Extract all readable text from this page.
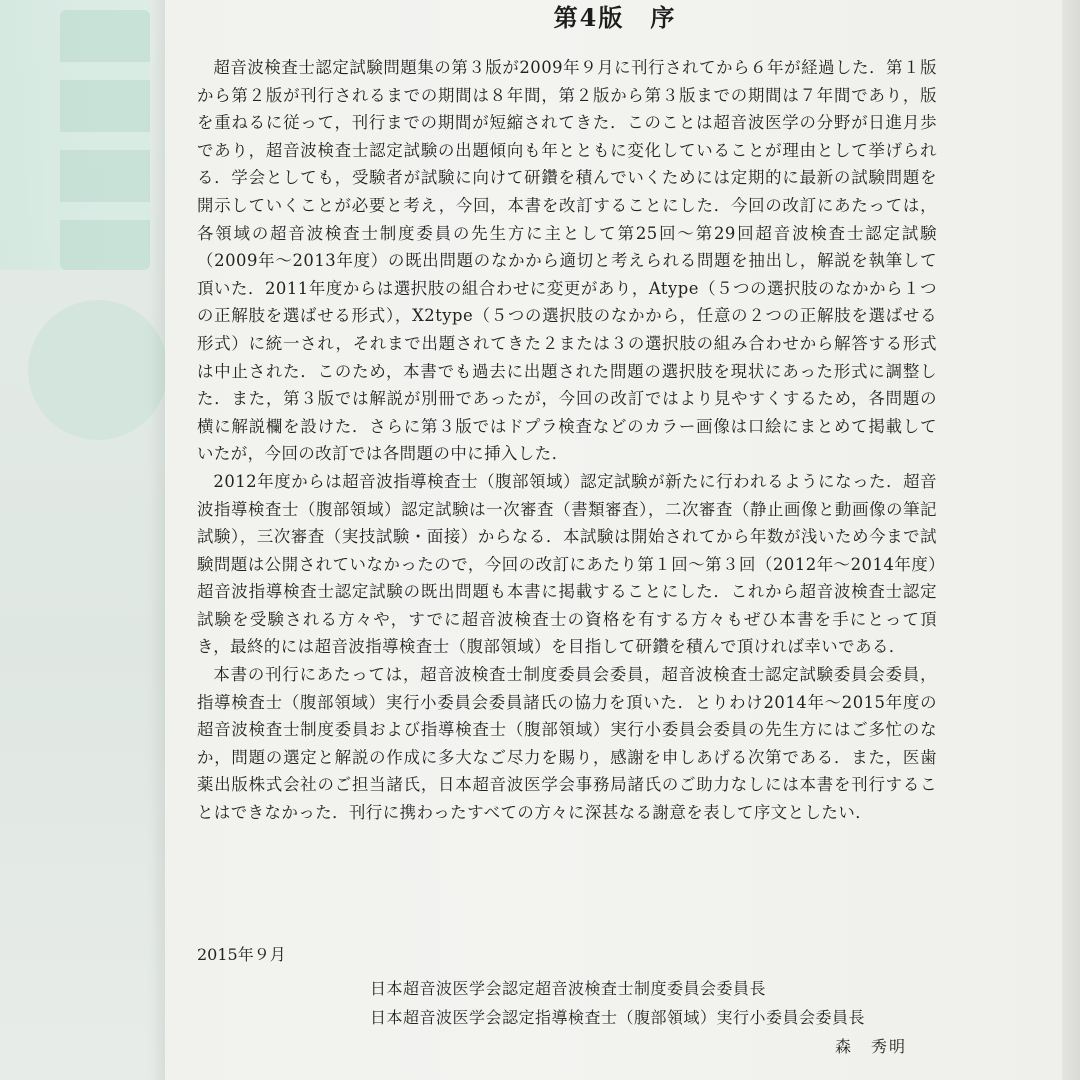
第4版　序

超音波検査士認定試験問題集の第３版が2009年９月に刊行されてから６年が経過した．第１版から第２版が刊行されるまでの期間は８年間，第２版から第３版までの期間は７年間であり，版を重ねるに従って，刊行までの期間が短縮されてきた．このことは超音波医学の分野が日進月歩であり，超音波検査士認定試験の出題傾向も年とともに変化していることが理由として挙げられる．学会としても，受験者が試験に向けて研鑽を積んでいくためには定期的に最新の試験問題を開示していくことが必要と考え，今回，本書を改訂することにした．今回の改訂にあたっては，各領域の超音波検査士制度委員の先生方に主として第25回～第29回超音波検査士認定試験（2009年～2013年度）の既出問題のなかから適切と考えられる問題を抽出し，解説を執筆して頂いた．2011年度からは選択肢の組合わせに変更があり，Atype（５つの選択肢のなかから１つの正解肢を選ばせる形式），X2type（５つの選択肢のなかから，任意の２つの正解肢を選ばせる形式）に統一され，それまで出題されてきた２または３の選択肢の組み合わせから解答する形式は中止された．このため，本書でも過去に出題された問題の選択肢を現状にあった形式に調整した．また，第３版では解説が別冊であったが，今回の改訂ではより見やすくするため，各問題の横に解説欄を設けた．さらに第３版ではドプラ検査などのカラー画像は口絵にまとめて掲載していたが，今回の改訂では各問題の中に挿入した．

2012年度からは超音波指導検査士（腹部領域）認定試験が新たに行われるようになった．超音波指導検査士（腹部領域）認定試験は一次審査（書類審査），二次審査（静止画像と動画像の筆記試験），三次審査（実技試験・面接）からなる．本試験は開始されてから年数が浅いため今まで試験問題は公開されていなかったので，今回の改訂にあたり第１回～第３回（2012年～2014年度）超音波指導検査士認定試験の既出問題も本書に掲載することにした．これから超音波検査士認定試験を受験される方々や，すでに超音波検査士の資格を有する方々もぜひ本書を手にとって頂き，最終的には超音波指導検査士（腹部領域）を目指して研鑽を積んで頂ければ幸いである．

本書の刊行にあたっては，超音波検査士制度委員会委員，超音波検査士認定試験委員会委員，指導検査士（腹部領域）実行小委員会委員諸氏の協力を頂いた．とりわけ2014年～2015年度の超音波検査士制度委員および指導検査士（腹部領域）実行小委員会委員の先生方にはご多忙のなか，問題の選定と解説の作成に多大なご尽力を賜り，感謝を申しあげる次第である．また，医歯薬出版株式会社のご担当諸氏，日本超音波医学会事務局諸氏のご助力なしには本書を刊行することはできなかった．刊行に携わったすべての方々に深甚なる謝意を表して序文としたい．

2015年９月
日本超音波医学会認定超音波検査士制度委員会委員長
日本超音波医学会認定指導検査士（腹部領域）実行小委員会委員長
森　秀明
